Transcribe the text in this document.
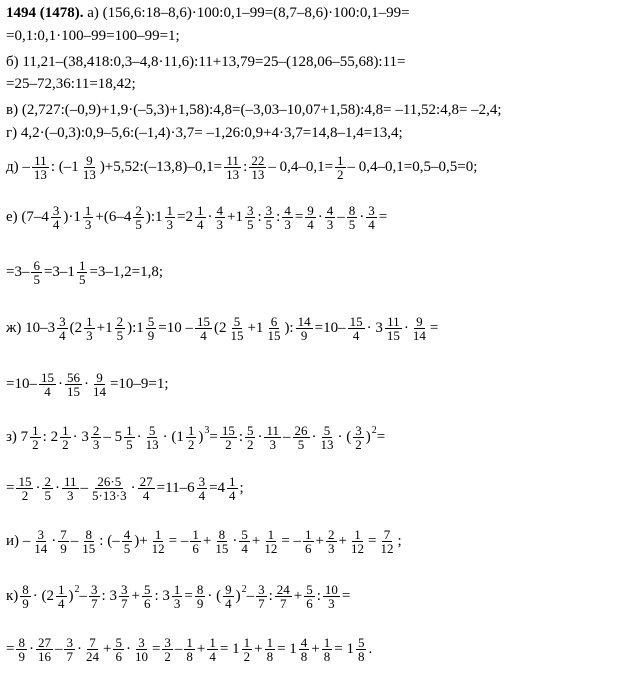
1494 (1478). а) (156,6:18–8,6)·100:0,1–99=(8,7–8,6)·100:0,1–99=
=0,1:0,1·100–99=100–99=1;
б) 11,21–(38,418:0,3–4,8·11,6):11+13,79=25–(128,06–55,68):11=
=25–72,36:11=18,42;
в) (2,727:(–0,9)+1,9·(–5,3)+1,58):4,8=(–3,03–10,07+1,58):4,8= –11,52:4,8= –2,4;
г) 4,2·(–0,3):0,9–5,6:(–1,4)·3,7= –1,26:0,9+4·3,7=14,8–1,4=13,4;
$д) - \frac{11}{13}$ : ($-1 \frac{9}{13}$ )+5,52:(–13,8)–0,1= $\frac{11}{13}$ : $\frac{22}{13} - 0,4-0,1= \frac{1}{2} - 0,4-0,1=0,5-0,5=0$;
е) $(7-4 \frac{3}{4} )\cdot 1 \frac{1}{3} +(6-4 \frac{2}{5}$ ):1 $\frac{1}{3} =2 \frac{1}{4} \cdot \frac{4}{3} +1 \frac{3}{5}$ : $\frac{3}{5}$ : $\frac{4}{3} = \frac{9}{4} \cdot \frac{4}{3} - \frac{8}{5} \cdot \frac{3}{4}$ =
$=3- \frac{6}{5} =3-1 \frac{1}{5} =3-1,2=1,8$;
ж) $10-3 \frac{3}{4} (2 \frac{1}{3} +1 \frac{2}{5}$ ):1 $\frac{5}{9} =10 - \frac{15}{4} (2 \frac{5}{15} +1 \frac{6}{15}$ ): $\frac{14}{9} =10- \frac{15}{4} \cdot 3 \frac{11}{15} \cdot \frac{9}{14}$ =
$=10- \frac{15}{4} \cdot \frac{56}{15} \cdot \frac{9}{14} =10-9=1$;
з) $7 \frac{1}{2}$ : $2 \frac{1}{2} \cdot 3 \frac{2}{3} - 5 \frac{1}{5} \cdot \frac{5}{13} \cdot (1 \frac{1}{2}$ ) $3 = \frac{15}{2}$ : $\frac{5}{2} \cdot \frac{11}{3} - \frac{26}{5} \cdot \frac{5}{13}$ · ( $\frac{3}{2}$ ) 2 =
= $\frac{15}{2} \cdot \frac{2}{5} \cdot \frac{11}{3} - \frac{26\cdot 5}{5\cdot 13\cdot 3} \cdot \frac{27}{4} =11-6 \frac{3}{4} =4 \frac{1}{4}$ ;
$и) - \frac{3}{14} \cdot \frac{7}{9} - \frac{8}{15}$ : (– $\frac{4}{5}$ )+ $\frac{1}{12}$ = – $\frac{1}{6} + \frac{8}{15} \cdot \frac{5}{4} + \frac{1}{12}$ = – $\frac{1}{6} + \frac{2}{3} + \frac{1}{12} = \frac{7}{12}$ ;
$к) \frac{8}{9} \cdot (2 \frac{1}{4}$ ) $2 - \frac{3}{7}$ : $3 \frac{3}{7} + \frac{5}{6}$ : $3 \frac{1}{3} = \frac{8}{9}$ · ( $\frac{9}{4}$ ) $2 - \frac{3}{7}$ : $\frac{24}{7} + \frac{5}{6}$ : $\frac{10}{3}$ =
= $\frac{8}{9} \cdot \frac{27}{16} - \frac{3}{7} \cdot \frac{7}{24} + \frac{5}{6} \cdot \frac{3}{10} = \frac{3}{2} - \frac{1}{8} + \frac{1}{4} = 1 \frac{1}{2} + \frac{1}{8} = 1 \frac{4}{8} + \frac{1}{8} = 1 \frac{5}{8}$ .
